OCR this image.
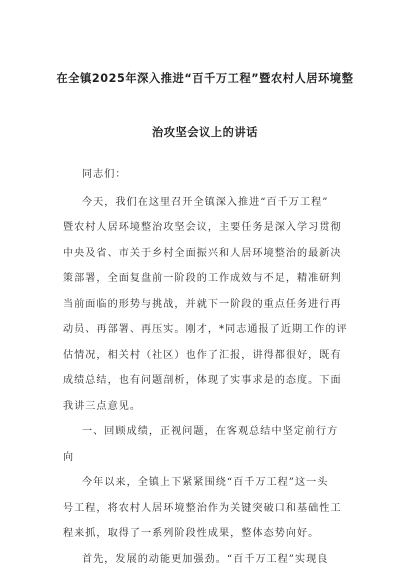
在全镇2025年深入推进“百千万工程”暨农村人居环境整
治攻坚会议上的讲话
同志们：
今天，我们在这里召开全镇深入推进“百千万工程”
暨农村人居环境整治攻坚会议，主要任务是深入学习贯彻
中央及省、市关于乡村全面振兴和人居环境整治的最新决
策部署，全面复盘前一阶段的工作成效与不足，精准研判
当前面临的形势与挑战，并就下一阶段的重点任务进行再
动员、再部署、再压实。刚才，*同志通报了近期工作的评
估情况，相关村（社区）也作了汇报，讲得都很好，既有
成绩总结，也有问题剖析，体现了实事求是的态度。下面
我讲三点意见。
一、回顾成绩，正视问题，在客观总结中坚定前行方
向
今年以来，全镇上下紧紧围绕“百千万工程”这一头
号工程，将农村人居环境整治作为关键突破口和基础性工
程来抓，取得了一系列阶段性成果，整体态势向好。
首先，发展的动能更加强劲。“百千万工程”实现良
